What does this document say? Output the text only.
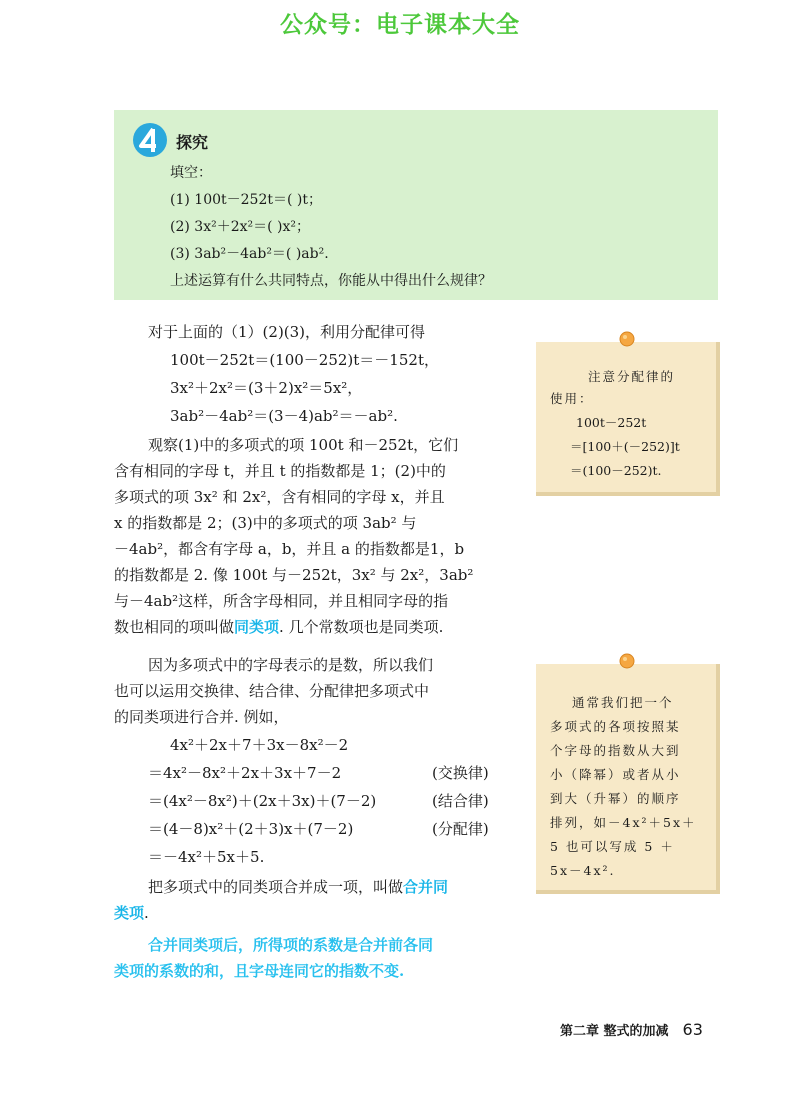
公众号：电子课本大全
探究
填空：
(1) 100t－252t＝( )t；
(2) 3x²＋2x²＝( )x²；
(3) 3ab²－4ab²＝( )ab².
上述运算有什么共同特点，你能从中得出什么规律？
对于上面的（1）(2)(3)，利用分配律可得
100t－252t＝(100－252)t＝－152t，
3x²＋2x²＝(3＋2)x²＝5x²，
3ab²－4ab²＝(3－4)ab²＝－ab².
观察(1)中的多项式的项 100t 和－252t，它们
含有相同的字母 t，并且 t 的指数都是 1；(2)中的
多项式的项 3x² 和 2x²，含有相同的字母 x，并且
x 的指数都是 2；(3)中的多项式的项 3ab² 与
－4ab²，都含有字母 a，b，并且 a 的指数都是1，b
的指数都是 2. 像 100t 与－252t，3x² 与 2x²，3ab²
与－4ab²这样，所含字母相同，并且相同字母的指
数也相同的项叫做同类项. 几个常数项也是同类项.
因为多项式中的字母表示的是数，所以我们
也可以运用交换律、结合律、分配律把多项式中
的同类项进行合并. 例如，
4x²＋2x＋7＋3x－8x²－2
＝4x²－8x²＋2x＋3x＋7－2	(交换律)
＝(4x²－8x²)＋(2x＋3x)＋(7－2)	(结合律)
＝(4－8)x²＋(2＋3)x＋(7－2)	(分配律)
＝－4x²＋5x＋5.
把多项式中的同类项合并成一项，叫做合并同
类项.
合并同类项后，所得项的系数是合并前各同
类项的系数的和，且字母连同它的指数不变.

注意分配律的
使用：
100t－252t
＝[100＋(－252)]t
＝(100－252)t.
通常我们把一个
多项式的各项按照某
个字母的指数从大到
小（降幂）或者从小
到大（升幂）的顺序
排列，如－4x²＋5x＋
5 也可以写成 5 ＋
5x－4x².
第二章 整式的加减 63
